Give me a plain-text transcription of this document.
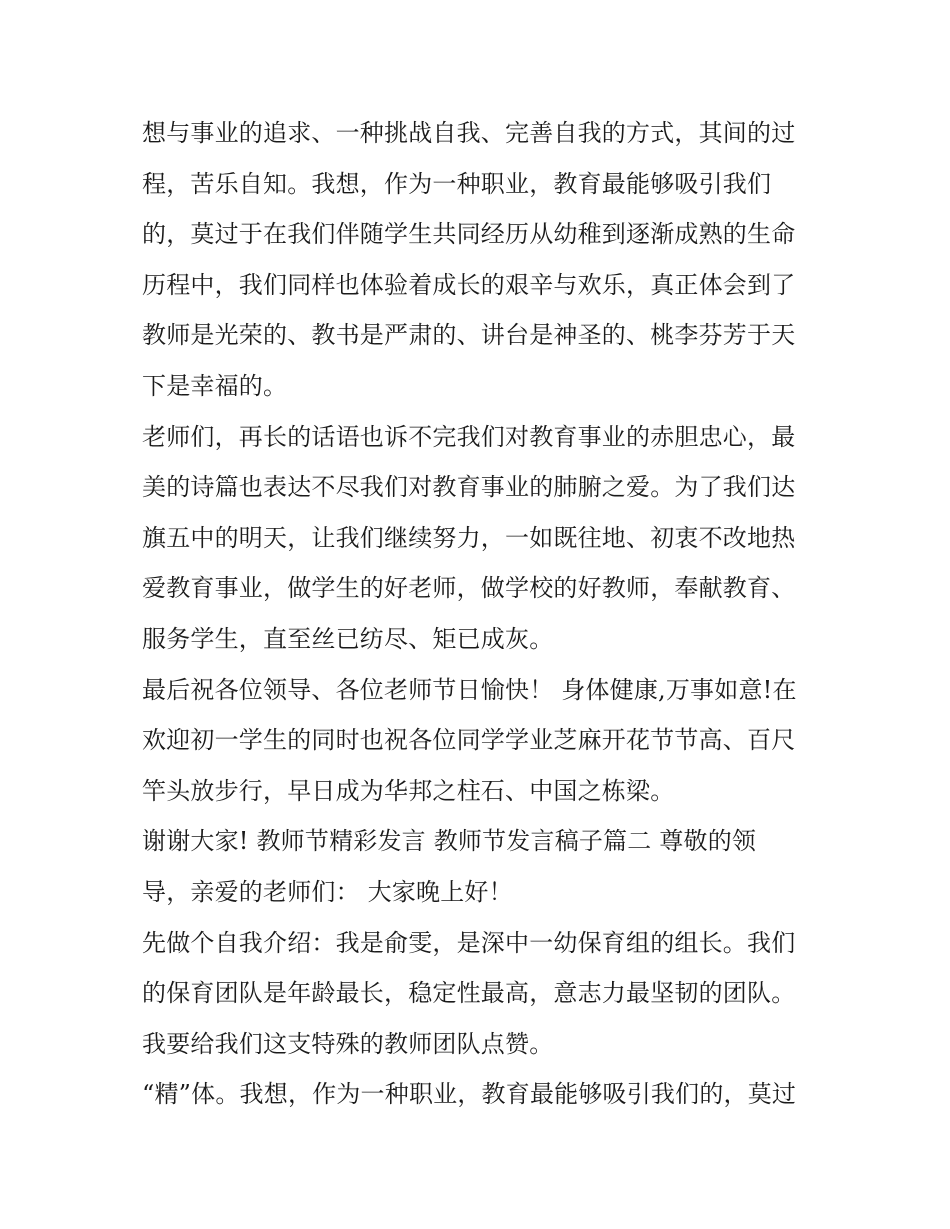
想与事业的追求、一种挑战自我、完善自我的方式，其间的过
程，苦乐自知。我想，作为一种职业，教育最能够吸引我们
的，莫过于在我们伴随学生共同经历从幼稚到逐渐成熟的生命
历程中，我们同样也体验着成长的艰辛与欢乐，真正体会到了
教师是光荣的、教书是严肃的、讲台是神圣的、桃李芬芳于天
下是幸福的。
老师们，再长的话语也诉不完我们对教育事业的赤胆忠心，最
美的诗篇也表达不尽我们对教育事业的肺腑之爱。为了我们达
旗五中的明天，让我们继续努力，一如既往地、初衷不改地热
爱教育事业，做学生的好老师，做学校的好教师，奉献教育、
服务学生，直至丝已纺尽、矩已成灰。
最后祝各位领导、各位老师节日愉快！ 身体健康,万事如意!在
欢迎初一学生的同时也祝各位同学学业芝麻开花节节高、百尺
竿头放步行，早日成为华邦之柱石、中国之栋梁。
谢谢大家! 教师节精彩发言 教师节发言稿子篇二 尊敬的领
导，亲爱的老师们： 大家晚上好！
先做个自我介绍：我是俞雯，是深中一幼保育组的组长。我们
的保育团队是年龄最长，稳定性最高，意志力最坚韧的团队。
我要给我们这支特殊的教师团队点赞。
“精”体。我想，作为一种职业，教育最能够吸引我们的，莫过
